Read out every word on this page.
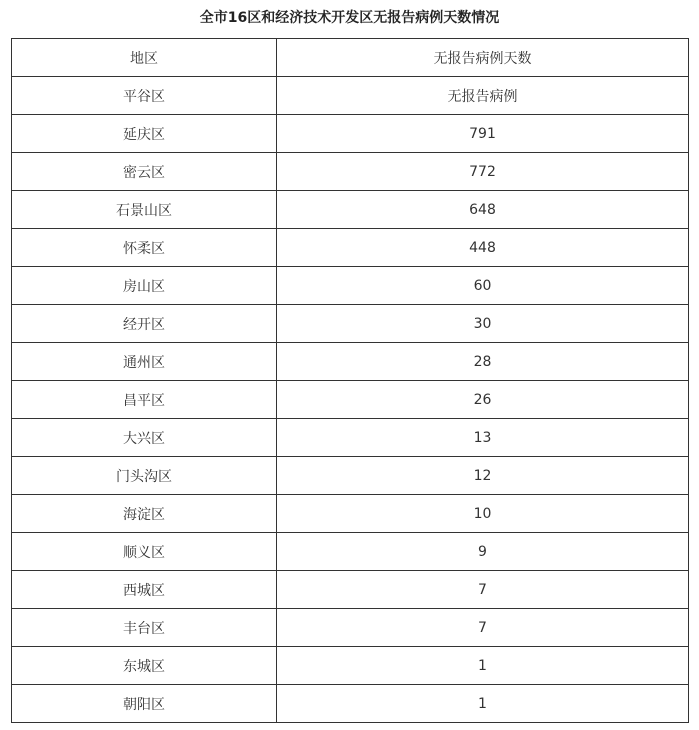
全市16区和经济技术开发区无报告病例天数情况
地区	无报告病例天数
平谷区	无报告病例
延庆区	791
密云区	772
石景山区	648
怀柔区	448
房山区	60
经开区	30
通州区	28
昌平区	26
大兴区	13
门头沟区	12
海淀区	10
顺义区	9
西城区	7
丰台区	7
东城区	1
朝阳区	1
